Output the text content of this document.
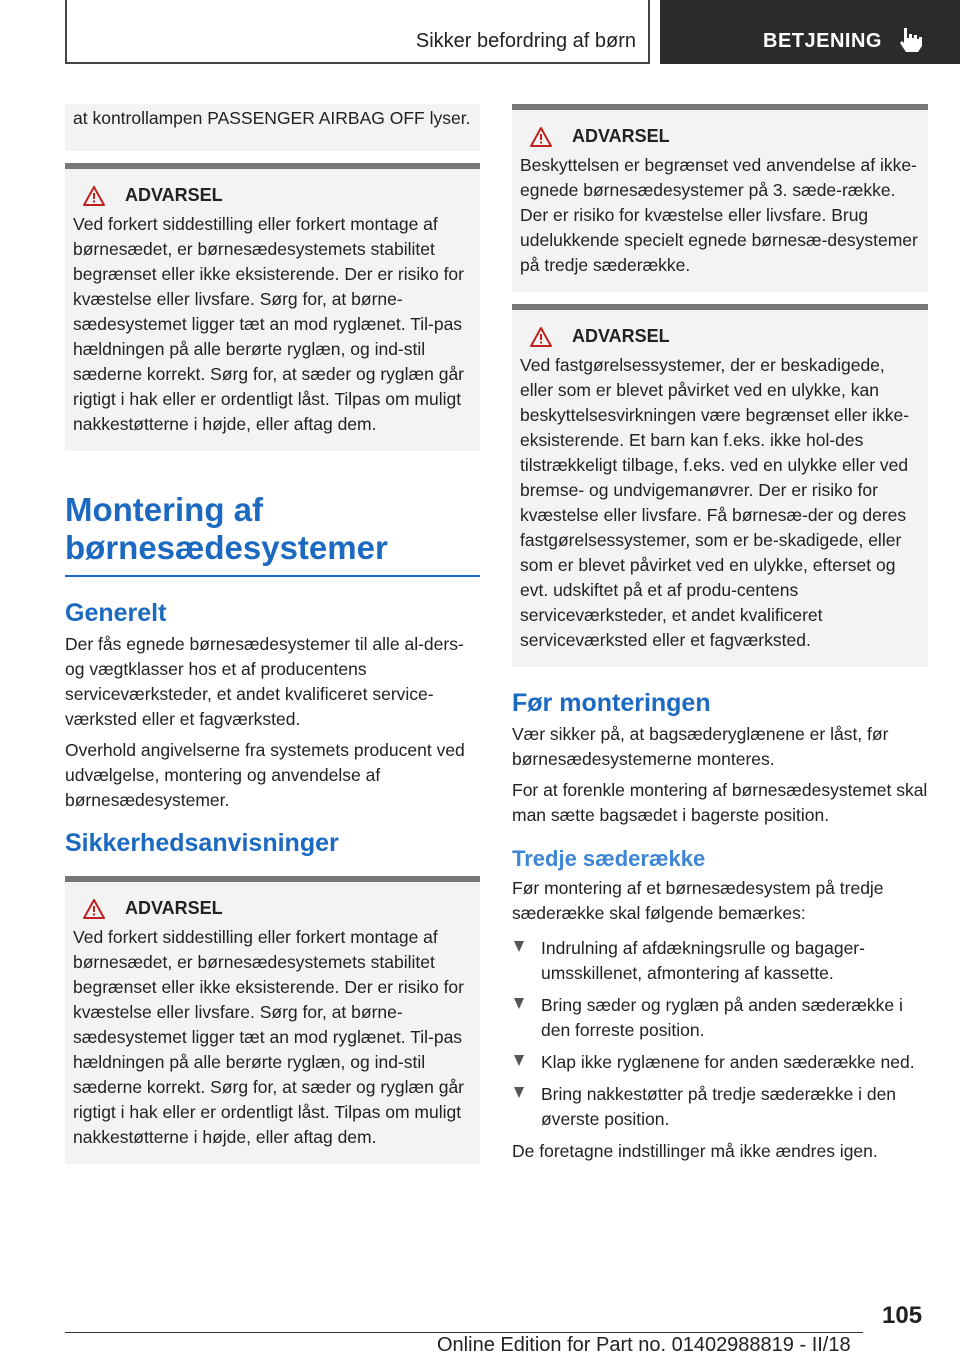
Sikker befordring af børn	BETJENING

at kontrollampen PASSENGER AIRBAG OFF lyser.

ADVARSEL

Ved forkert siddestilling eller forkert montage af børnesædet, er børnesædesystemets stabilitet begrænset eller ikke eksisterende. Der er risiko for kvæstelse eller livsfare. Sørg for, at børne‐sædesystemet ligger tæt an mod ryglænet. Til‐pas hældningen på alle berørte ryglæn, og ind‐stil sæderne korrekt. Sørg for, at sæder og ryglæn går rigtigt i hak eller er ordentligt låst. Tilpas om muligt nakkestøtterne i højde, eller aftag dem.

Montering af børnesædesystemer
Generelt

Der fås egnede børnesædesystemer til alle al‐ders- og vægtklasser hos et af producentens serviceværksteder, et andet kvalificeret service‐værksted eller et fagværksted.

Overhold angivelserne fra systemets producent ved udvælgelse, montering og anvendelse af børnesædesystemer.

Sikkerhedsanvisninger
ADVARSEL

Ved forkert siddestilling eller forkert montage af børnesædet, er børnesædesystemets stabilitet begrænset eller ikke eksisterende. Der er risiko for kvæstelse eller livsfare. Sørg for, at børne‐sædesystemet ligger tæt an mod ryglænet. Til‐pas hældningen på alle berørte ryglæn, og ind‐stil sæderne korrekt. Sørg for, at sæder og ryglæn går rigtigt i hak eller er ordentligt låst. Tilpas om muligt nakkestøtterne i højde, eller aftag dem.

ADVARSEL

Beskyttelsen er begrænset ved anvendelse af ikke-egnede børnesædesystemer på 3. sæde‐række. Der er risiko for kvæstelse eller livsfare. Brug udelukkende specielt egnede børnesæ‐desystemer på tredje sæderække.

ADVARSEL

Ved fastgørelsessystemer, der er beskadigede, eller som er blevet påvirket ved en ulykke, kan beskyttelsesvirkningen være begrænset eller ikke-eksisterende. Et barn kan f.eks. ikke hol‐des tilstrækkeligt tilbage, f.eks. ved en ulykke eller ved bremse- og undvigemanøvrer. Der er risiko for kvæstelse eller livsfare. Få børnesæ‐der og deres fastgørelsessystemer, som er be‐skadigede, eller som er blevet påvirket ved en ulykke, efterset og evt. udskiftet på et af produ‐centens serviceværksteder, et andet kvalificeret serviceværksted eller et fagværksted.

Før monteringen

Vær sikker på, at bagsæderyglænene er låst, før børnesædesystemerne monteres.

For at forenkle montering af børnesædesystemet skal man sætte bagsædet i bagerste position.

Tredje sæderække

Før montering af et børnesædesystem på tredje sæderække skal følgende bemærkes:

Indrulning af afdækningsrulle og bagager‐umsskillenet, afmontering af kassette.
Bring sæder og ryglæn på anden sæderække i den forreste position.
Klap ikke ryglænene for anden sæderække ned.
Bring nakkestøtter på tredje sæderække i den øverste position.

De foretagne indstillinger må ikke ændres igen.

105
Online Edition for Part no. 01402988819 - II/18
